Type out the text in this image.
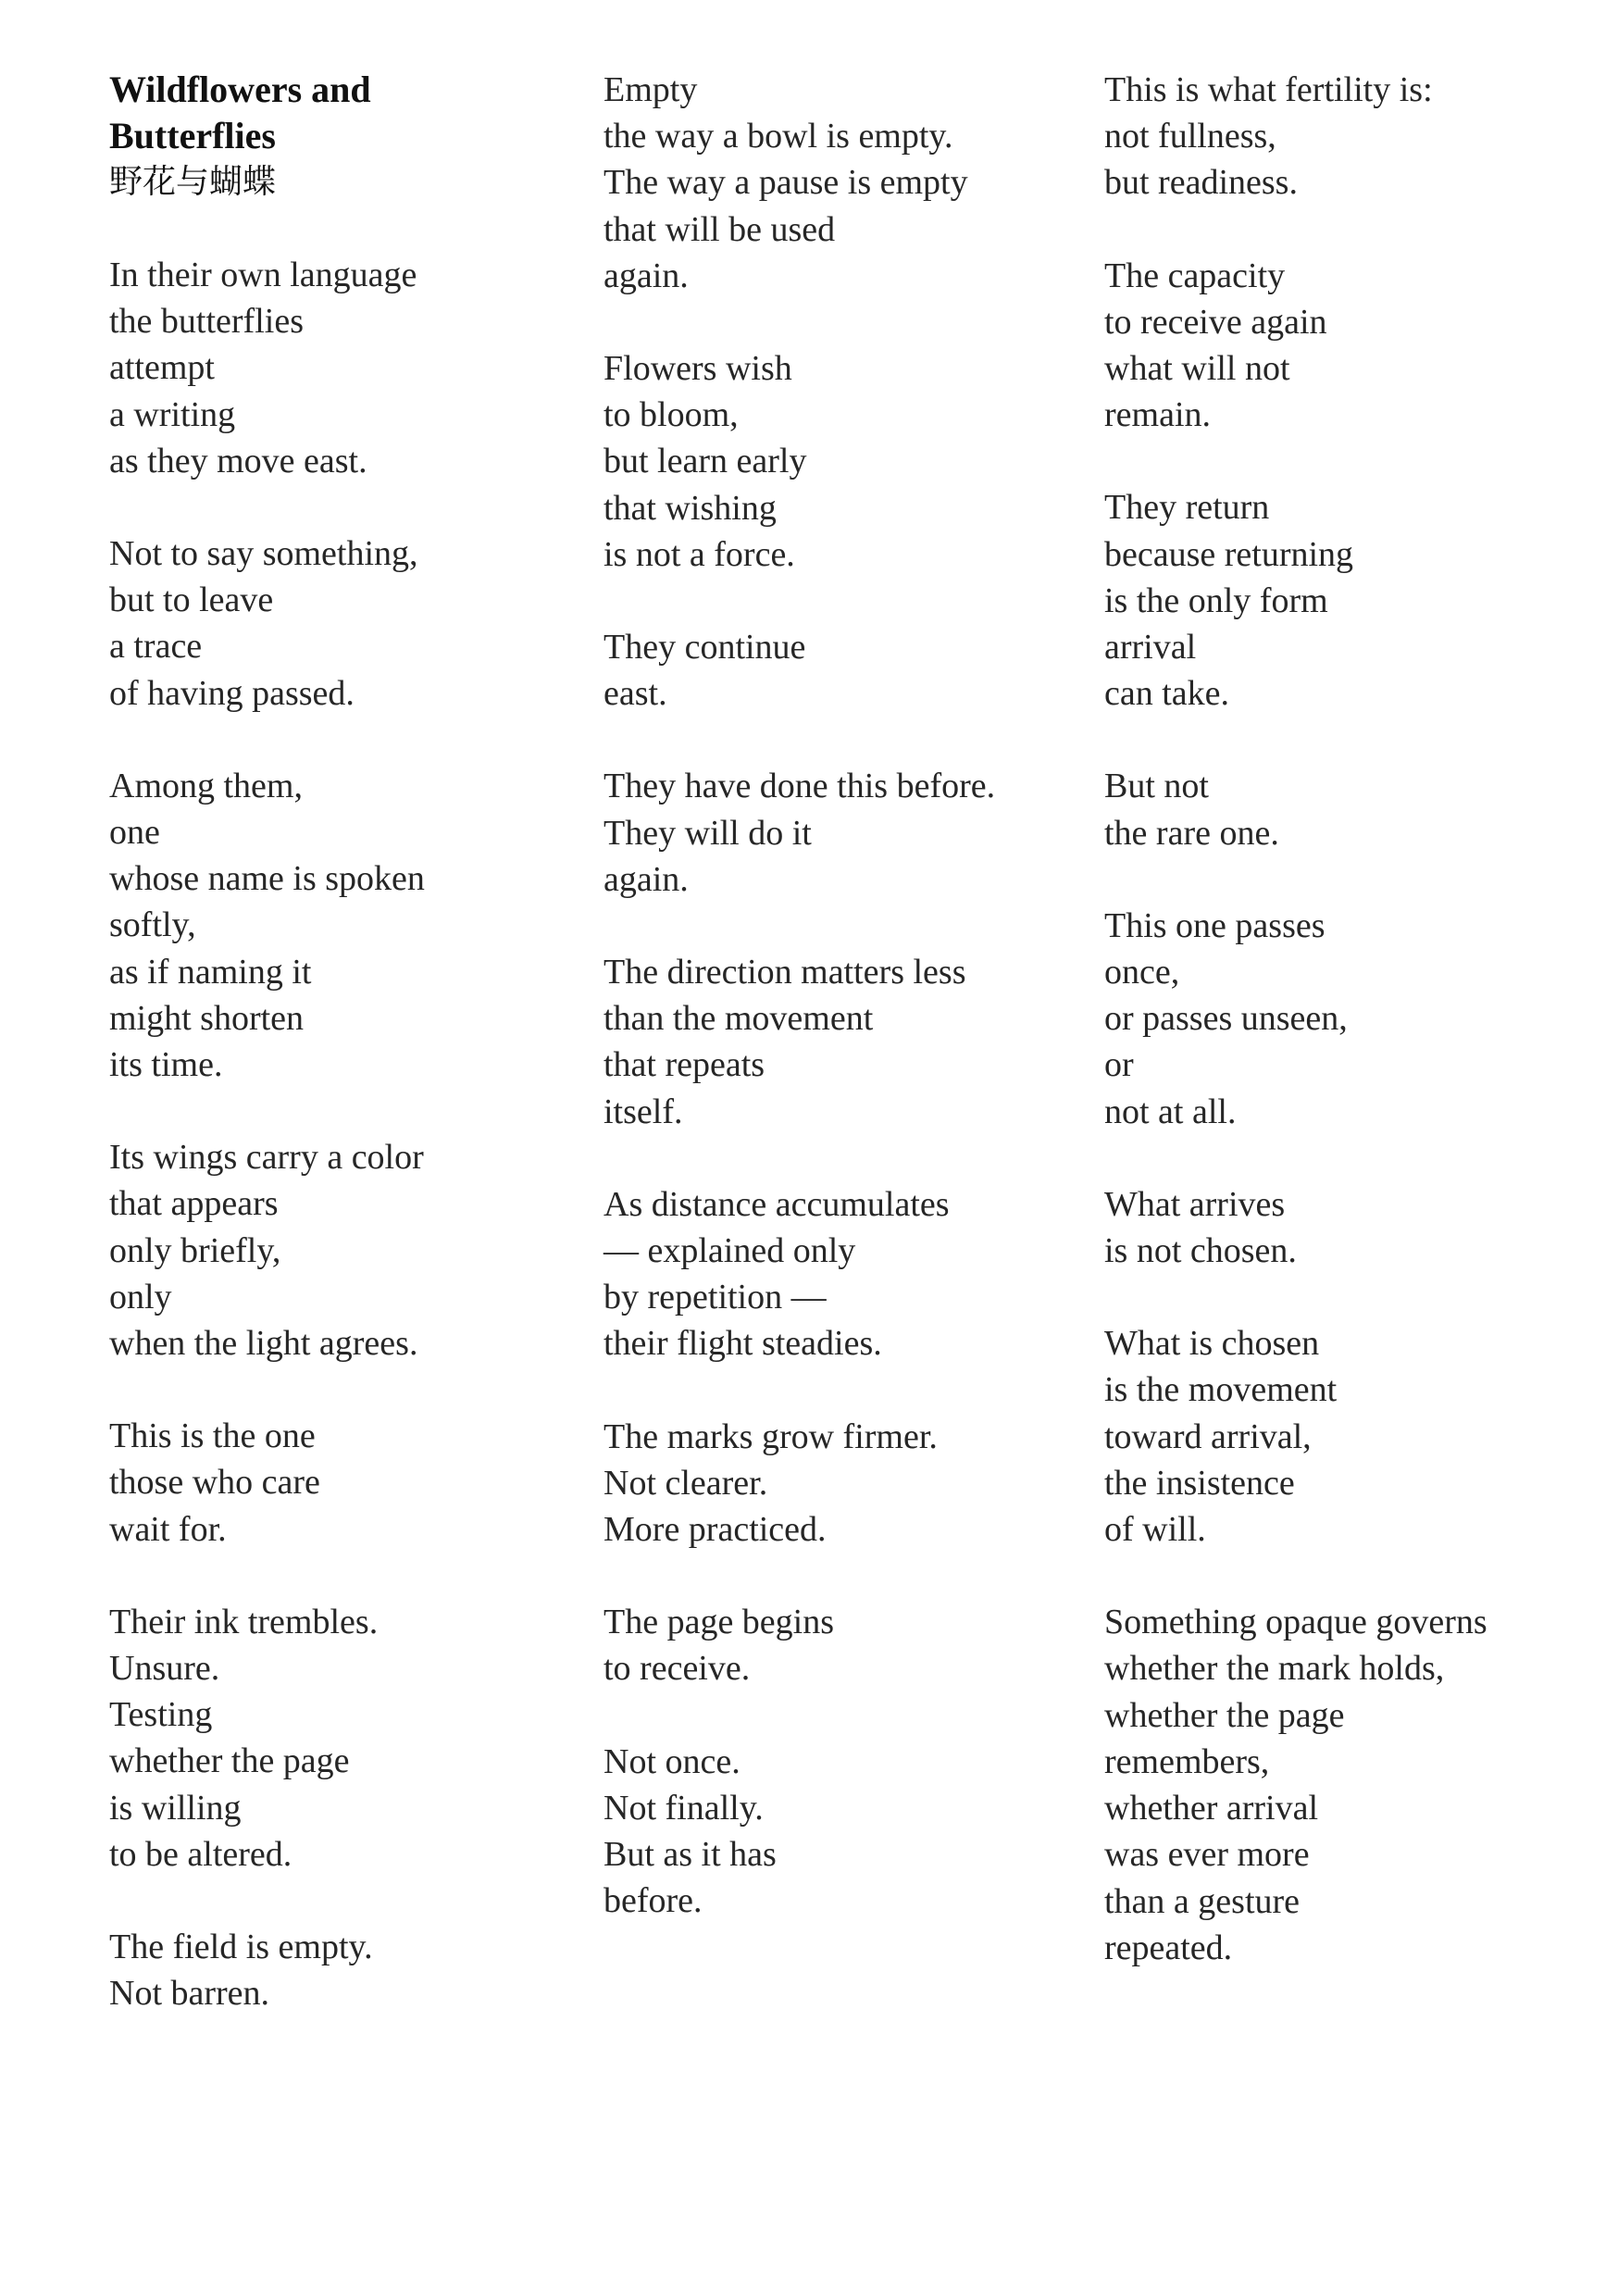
Wildflowers and
Butterflies
野花与蝴蝶
In their own language
the butterflies
attempt
a writing
as they move east.
Not to say something,
but to leave
a trace
of having passed.
Among them,
one
whose name is spoken
softly,
as if naming it
might shorten
its time.
Its wings carry a color
that appears
only briefly,
only
when the light agrees.
This is the one
those who care
wait for.
Their ink trembles.
Unsure.
Testing
whether the page
is willing
to be altered.
The field is empty.
Not barren.
Empty
the way a bowl is empty.
The way a pause is empty
that will be used
again.
Flowers wish
to bloom,
but learn early
that wishing
is not a force.
They continue
east.
They have done this before.
They will do it
again.
The direction matters less
than the movement
that repeats
itself.
As distance accumulates
— explained only
by repetition —
their flight steadies.
The marks grow firmer.
Not clearer.
More practiced.
The page begins
to receive.
Not once.
Not finally.
But as it has
before.
This is what fertility is:
not fullness,
but readiness.
The capacity
to receive again
what will not
remain.
They return
because returning
is the only form
arrival
can take.
But not
the rare one.
This one passes
once,
or passes unseen,
or
not at all.
What arrives
is not chosen.
What is chosen
is the movement
toward arrival,
the insistence
of will.
Something opaque governs
whether the mark holds,
whether the page
remembers,
whether arrival
was ever more
than a gesture
repeated.
